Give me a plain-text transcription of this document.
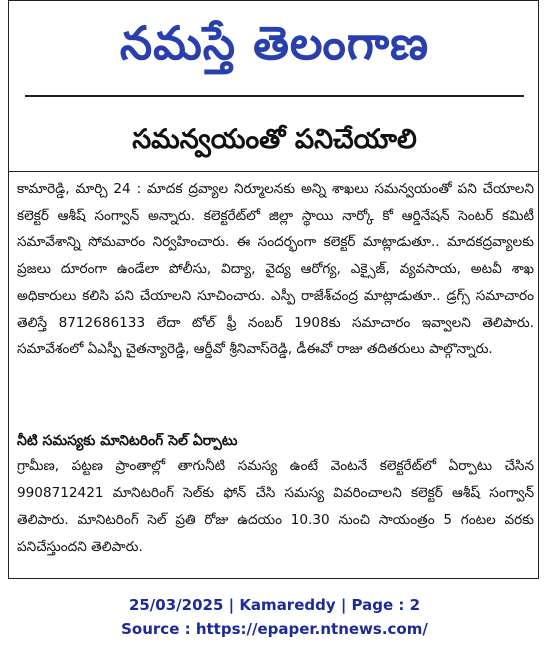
నమస్తే తెలంగాణ
సమన్వయంతో పనిచేయాలి
కామారెడ్డి, మార్చి 24 : మాదక ద్రవ్యాల నిర్మూలనకు అన్ని శాఖలు సమన్వయంతో పని చేయాలని కలెక్టర్ ఆశీష్ సంగ్వాన్ అన్నారు. కలెక్టరేట్‌లో జిల్లా స్థాయి నార్కో కో ఆర్డినేషన్ సెంటర్ కమిటీ సమావేశాన్ని సోమవారం నిర్వహించారు. ఈ సందర్భంగా కలెక్టర్ మాట్లాడుతూ.. మాదకద్రవ్యాలకు ప్రజలు దూరంగా ఉండేలా పోలీసు, విద్యా, వైద్య ఆరోగ్య, ఎక్సైజ్, వ్యవసాయ, అటవీ శాఖ అధికారులు కలిసి పని చేయాలని సూచించారు. ఎస్పీ రాజేశ్‌చంద్ర మాట్లాడుతూ.. డ్రగ్స్ సమాచారం తెలిస్తే 8712686133 లేదా టోల్ ఫ్రీ నంబర్ 1908కు సమాచారం ఇవ్వాలని తెలిపారు. సమావేశంలో ఏఎస్పీ చైతన్యారెడ్డి, ఆర్డీవో శ్రీనివాస్‌రెడ్డి, డీఈవో రాజు తదితరులు పాల్గొన్నారు.
నీటి సమస్యకు మానిటరింగ్ సెల్ ఏర్పాటు
గ్రామీణ, పట్టణ ప్రాంతాల్లో తాగునీటి సమస్య ఉంటే వెంటనే కలెక్టరేట్‌లో ఏర్పాటు చేసిన 9908712421 మానిటరింగ్ సెల్‌కు ఫోన్ చేసి సమస్య వివరించాలని కలెక్టర్ ఆశీష్ సంగ్వాన్ తెలిపారు. మానిటరింగ్ సెల్ ప్రతి రోజు ఉదయం 10.30 నుంచి సాయంత్రం 5 గంటల వరకు పనిచేస్తుందని తెలిపారు.
25/03/2025 | Kamareddy | Page : 2
Source : https://epaper.ntnews.com/
